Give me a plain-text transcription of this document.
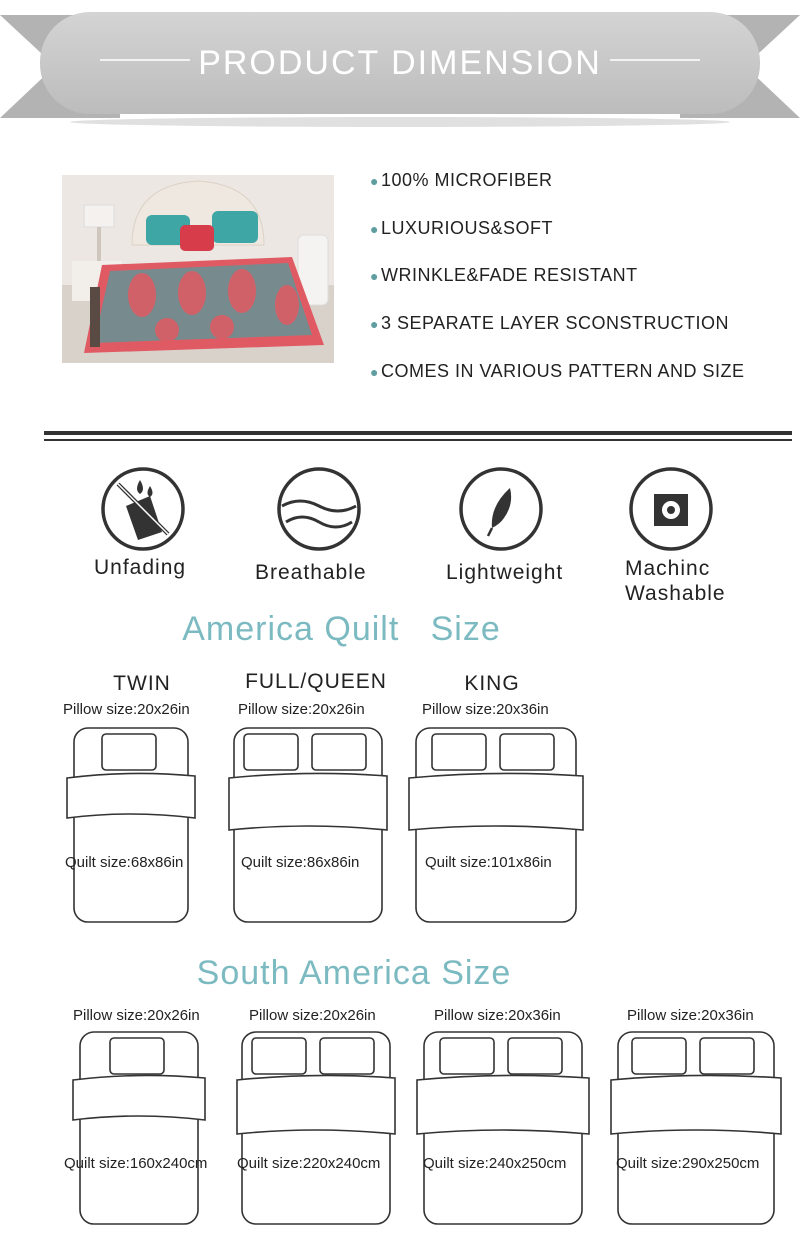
PRODUCT DIMENSION
● 100% MICROFIBER
● LUXURIOUS&SOFT
● WRINKLE&FADE RESISTANT
● 3 SEPARATE LAYER SCONSTRUCTION
● COMES IN VARIOUS PATTERN AND SIZE
Unfading	Breathable	Lightweight	Machinc
Washable
America Quilt   Size
TWIN	FULL/QUEEN	KING
Pillow size:20x26in	Pillow size:20x26in	Pillow size:20x36in
Quilt size:68x86in	Quilt size:86x86in	Quilt size:101x86in
South America Size
Pillow size:20x26in	Pillow size:20x26in	Pillow size:20x36in	Pillow size:20x36in
Quilt size:160x240cm Quilt size:220x240cm	Quilt size:240x250cm	Quilt size:290x250cm
